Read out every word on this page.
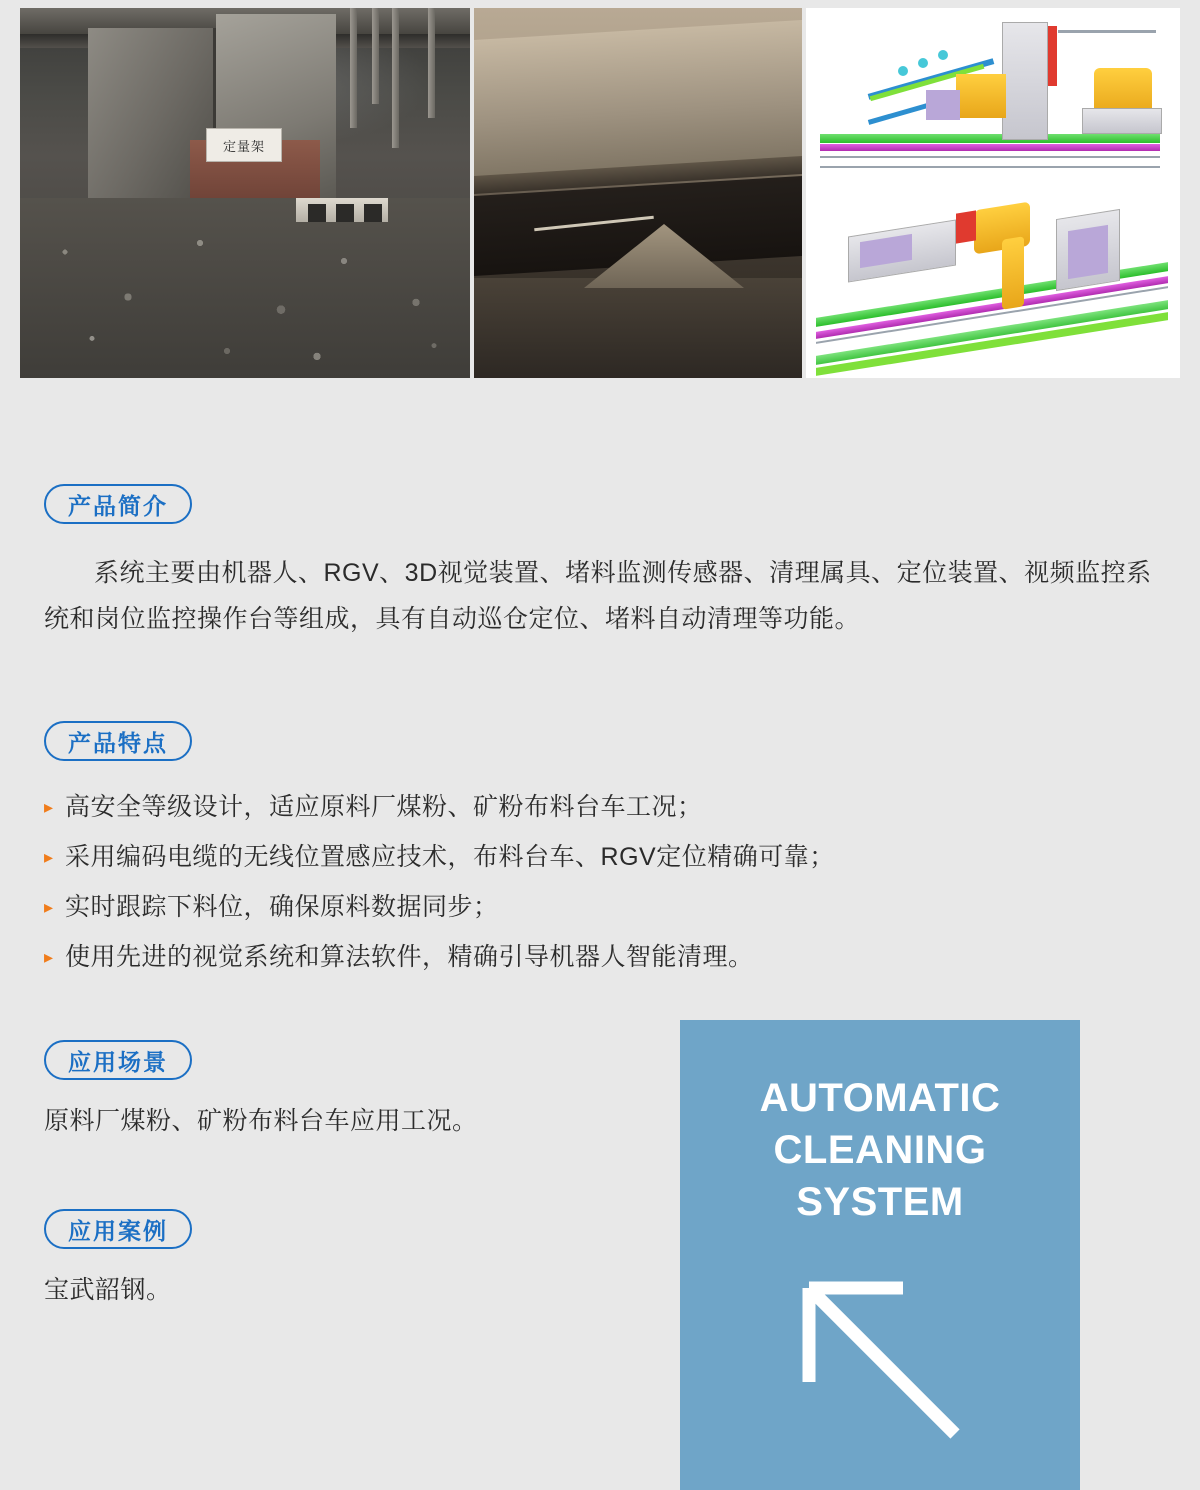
定量架
产品简介
系统主要由机器人、RGV、3D视觉装置、堵料监测传感器、清理属具、定位装置、视频监控系统和岗位监控操作台等组成，具有自动巡仓定位、堵料自动清理等功能。
产品特点
▸ 高安全等级设计，适应原料厂煤粉、矿粉布料台车工况；
▸ 采用编码电缆的无线位置感应技术，布料台车、RGV定位精确可靠；
▸ 实时跟踪下料位，确保原料数据同步；
▸ 使用先进的视觉系统和算法软件，精确引导机器人智能清理。
应用场景
原料厂煤粉、矿粉布料台车应用工况。
应用案例
宝武韶钢。
AUTOMATIC
CLEANING
SYSTEM
